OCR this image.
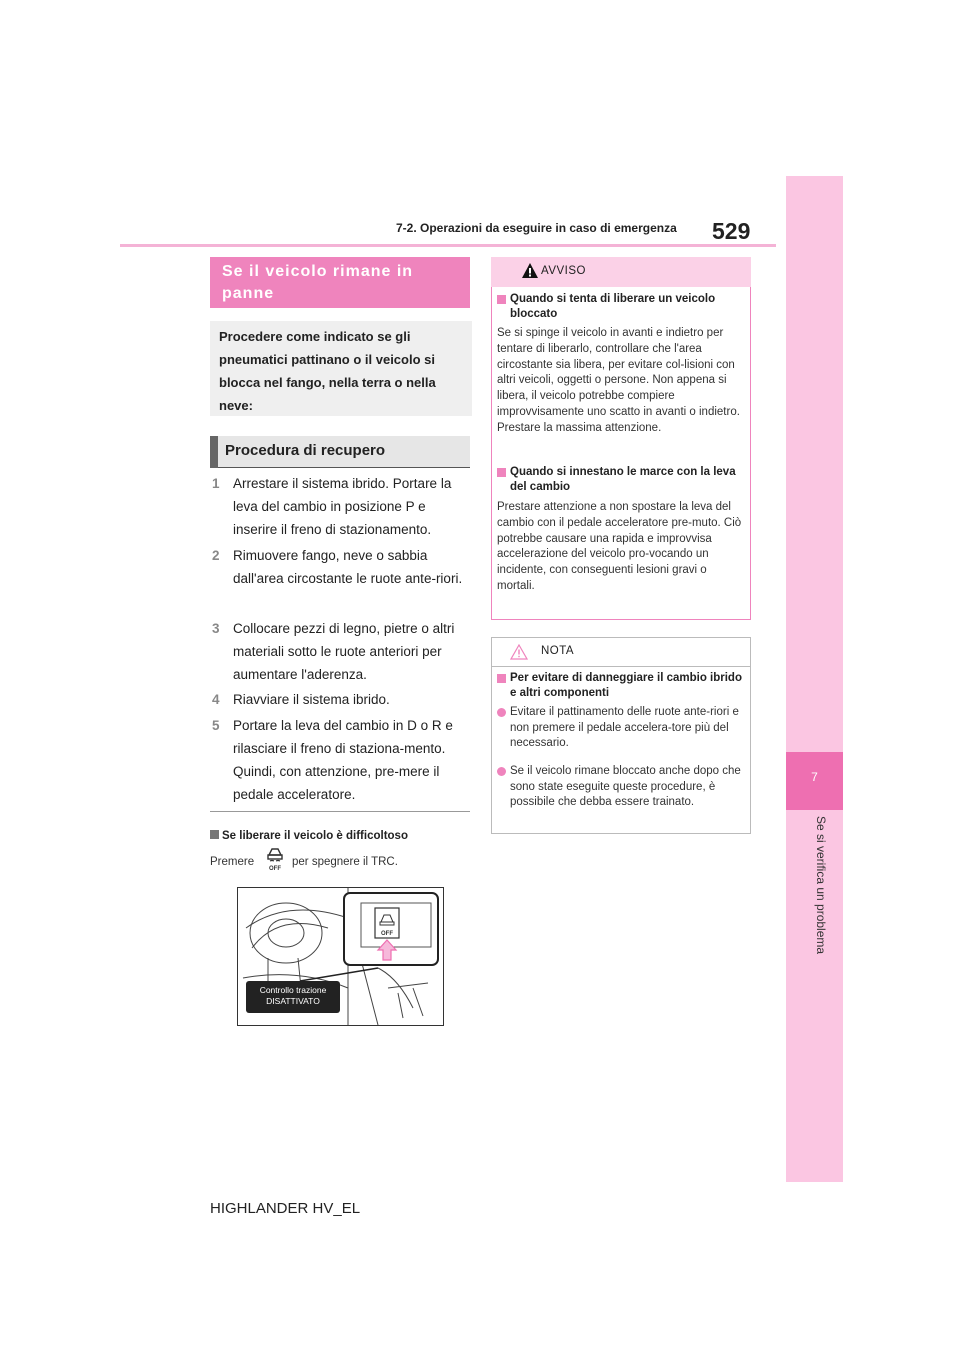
7-2. Operazioni da eseguire in caso di emergenza 529
7
Se si verifica un problema
Se il veicolo rimane in panne
Procedere come indicato se gli pneumatici pattinano o il veicolo si blocca nel fango, nella terra o nella neve:
Procedura di recupero
1 Arrestare il sistema ibrido. Portare la leva del cambio in posizione P e inserire il freno di stazionamento.
2 Rimuovere fango, neve o sabbia dall'area circostante le ruote ante-riori.
3 Collocare pezzi di legno, pietre o altri materiali sotto le ruote anteriori per aumentare l'aderenza.
4 Riavviare il sistema ibrido.
5 Portare la leva del cambio in D o R e rilasciare il freno di staziona-mento. Quindi, con attenzione, pre-mere il pedale acceleratore.
Se liberare il veicolo è difficoltoso
Premere
OFF
per spegnere il TRC.
OFF
Controllo trazione
DISATTIVATO
AVVISO
Quando si tenta di liberare un veicolo bloccato
Se si spinge il veicolo in avanti e indietro per tentare di liberarlo, controllare che l'area circostante sia libera, per evitare col-lisioni con altri veicoli, oggetti o persone. Non appena si libera, il veicolo potrebbe compiere improvvisamente uno scatto in avanti o indietro. Prestare la massima attenzione.
Quando si innestano le marce con la leva del cambio
Prestare attenzione a non spostare la leva del cambio con il pedale acceleratore pre-muto. Ciò potrebbe causare una rapida e improvvisa accelerazione del veicolo pro-vocando un incidente, con conseguenti lesioni gravi o mortali.
NOTA
Per evitare di danneggiare il cambio ibrido e altri componenti
Evitare il pattinamento delle ruote ante-riori e non premere il pedale accelera-tore più del necessario.
Se il veicolo rimane bloccato anche dopo che sono state eseguite queste procedure, è possibile che debba essere trainato.
HIGHLANDER HV_EL
